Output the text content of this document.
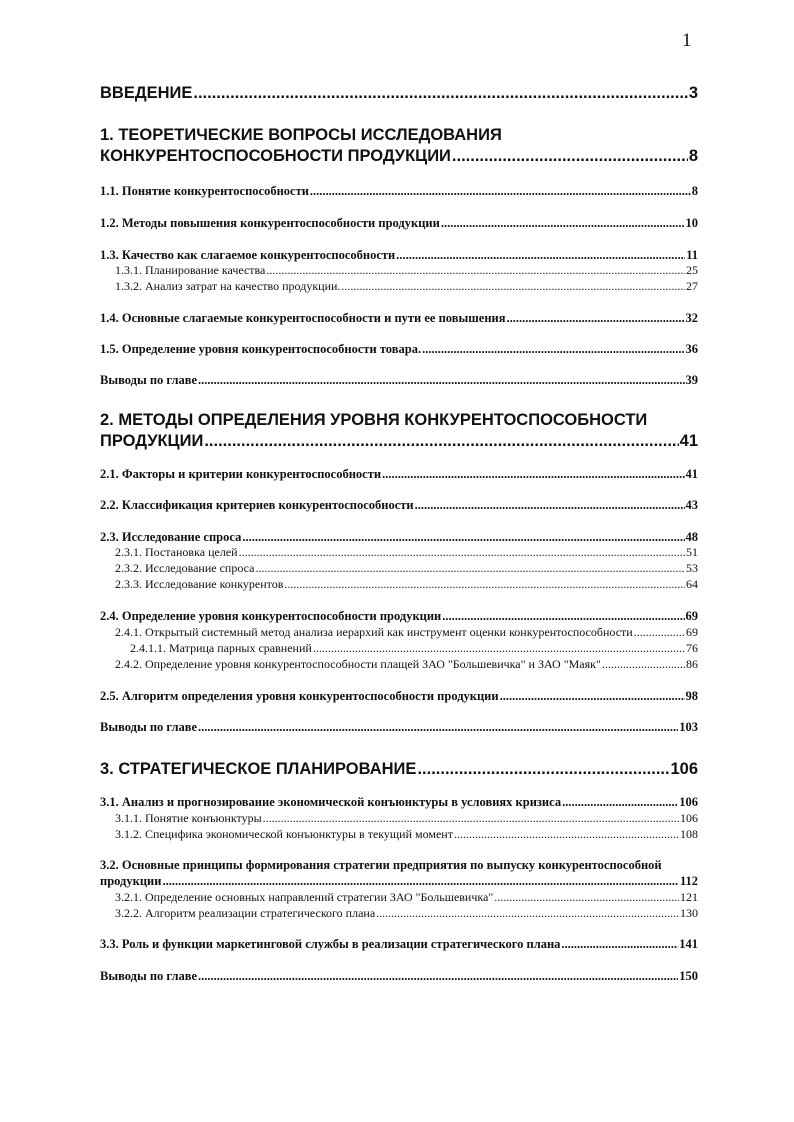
1
ВВЕДЕНИЕ .....	3
1. ТЕОРЕТИЧЕСКИЕ ВОПРОСЫ ИССЛЕДОВАНИЯ
КОНКУРЕНТОСПОСОБНОСТИ ПРОДУКЦИИ .....	8
1.1. Понятие конкурентоспособности .....	8
1.2. Методы повышения конкурентоспособности продукции .....	10
1.3. Качество как слагаемое конкурентоспособности .....	11
1.3.1. Планирование качества .....	25
1.3.2. Анализ затрат на качество продукции. .....	27
1.4. Основные слагаемые конкурентоспособности и пути ее повышения .....	32
1.5. Определение уровня конкурентоспособности товара. .....	36
Выводы по главе .....	39
2. МЕТОДЫ ОПРЕДЕЛЕНИЯ УРОВНЯ КОНКУРЕНТОСПОСОБНОСТИ
ПРОДУКЦИИ .....	41
2.1. Факторы и критерии конкурентоспособности .....	41
2.2. Классификация критериев конкурентоспособности .....	43
2.3. Исследование спроса .....	48
2.3.1. Постановка целей .....	51
2.3.2. Исследование спроса .....	53
2.3.3. Исследование конкурентов .....	64
2.4. Определение уровня конкурентоспособности продукции .....	69
2.4.1. Открытый системный метод анализа иерархий как инструмент оценки конкурентоспособности .....	69
2.4.1.1. Матрица парных сравнений .....	76
2.4.2. Определение уровня конкурентоспособности плащей ЗАО "Большевичка" и ЗАО "Маяк" .....	86
2.5. Алгоритм определения уровня конкурентоспособности продукции .....	98
Выводы по главе .....	103
3. СТРАТЕГИЧЕСКОЕ ПЛАНИРОВАНИЕ .....	106
3.1. Анализ и прогнозирование экономической конъюнктуры в условиях кризиса .....	106
3.1.1. Понятие конъюнктуры .....	106
3.1.2. Специфика экономической конъюнктуры в текущий момент .....	108
3.2. Основные принципы формирования стратегии предприятия по выпуску конкурентоспособной
продукции .....	112
3.2.1. Определение основных направлений стратегии ЗАО "Большевичка" .....	121
3.2.2. Алгоритм реализации стратегического плана .....	130
3.3. Роль и функции маркетинговой службы в реализации стратегического плана .....	141
Выводы по главе .....	150
